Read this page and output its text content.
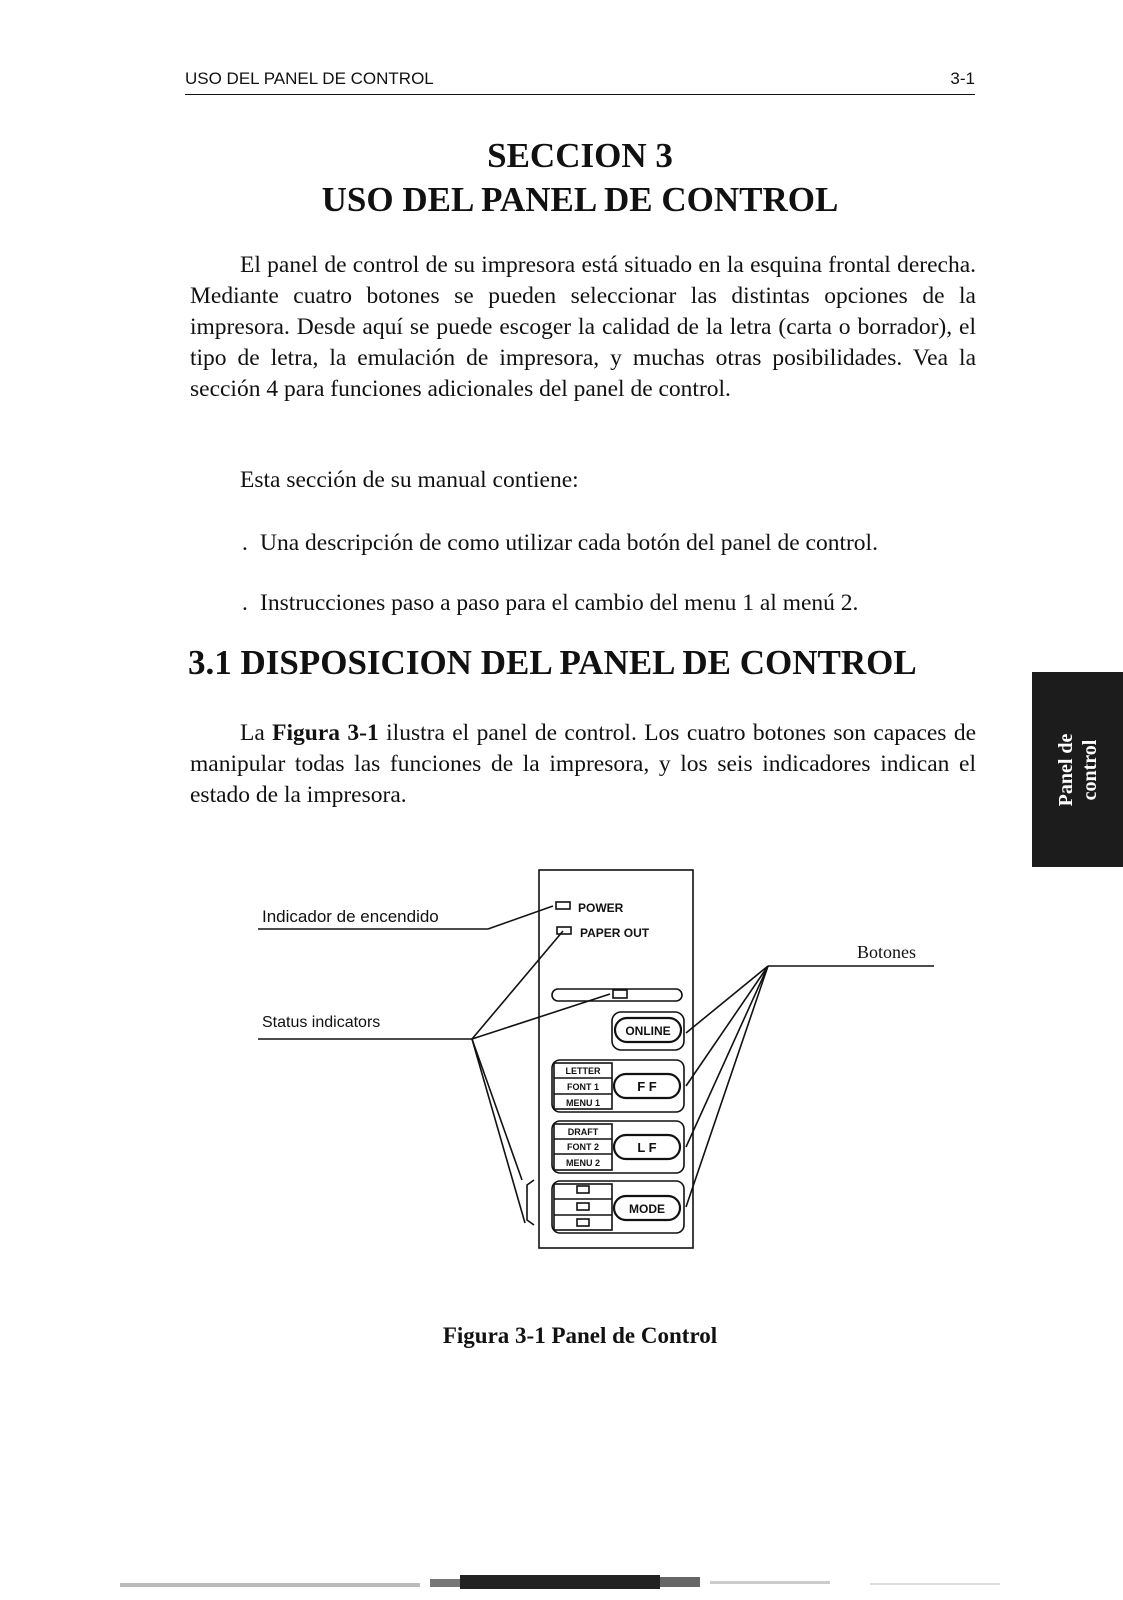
USO DEL PANEL DE CONTROL	3-1
SECCION 3
USO DEL PANEL DE CONTROL

El panel de control de su impresora está situado en la esquina frontal derecha. Mediante cuatro botones se pueden seleccionar las distintas opciones de la impresora. Desde aquí se puede escoger la calidad de la letra (carta o borrador), el tipo de letra, la emulación de impresora, y muchas otras posibilidades. Vea la sección 4 para funciones adicionales del panel de control.

Esta sección de su manual contiene:
. Una descripción de como utilizar cada botón del panel de control.
. Instrucciones paso a paso para el cambio del menu 1 al menú 2.
3.1 DISPOSICION DEL PANEL DE CONTROL

La Figura 3-1 ilustra el panel de control. Los cuatro botones son capaces de manipular todas las funciones de la impresora, y los seis indicadores indican el estado de la impresora.	Panel de control
Indicador de encendido
Status indicators
Botones
POWER
PAPER OUT
ONLINE
F F
L F
MODE
LETTER
FONT 1
MENU 1
DRAFT
FONT 2
MENU 2
Figura 3-1 Panel de Control
